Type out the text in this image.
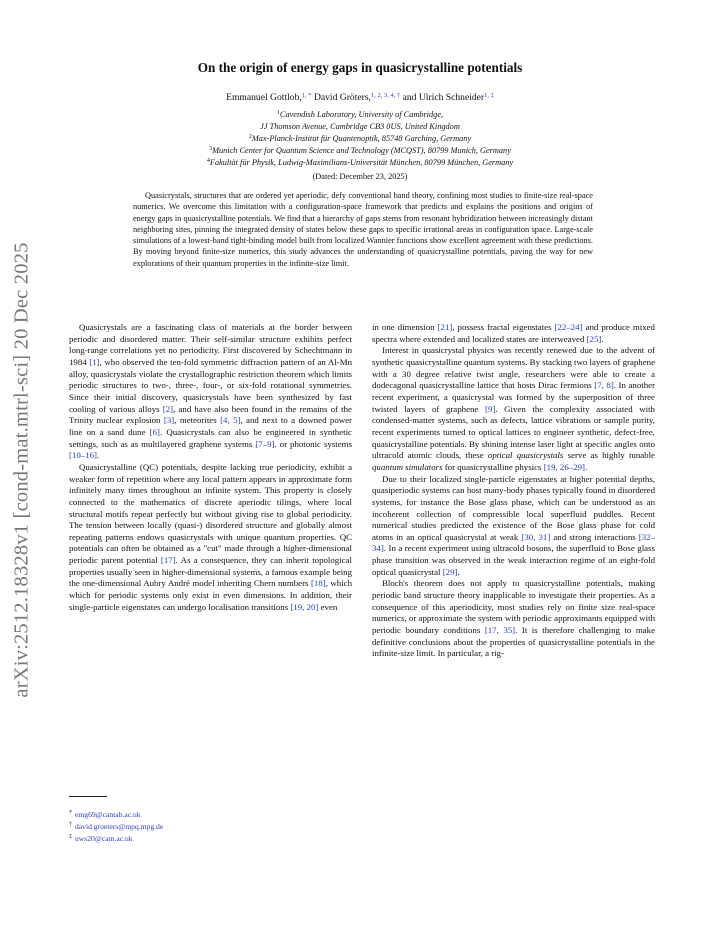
arXiv:2512.18328v1 [cond-mat.mtrl-sci] 20 Dec 2025
On the origin of energy gaps in quasicrystalline potentials
Emmanuel Gottlob,$^{1, *}$ David Gröters,$^{1, 2, 3, 4, \dagger}$ and Ulrich Schneider$^{1, \ddagger}$
$^1$Cavendish Laboratory, University of Cambridge,
JJ Thomson Avenue, Cambridge CB3 0US, United Kingdom
$^2$Max-Planck-Institut für Quantenoptik, 85748 Garching, Germany
$^3$Munich Center for Quantum Science and Technology (MCQST), 80799 Munich, Germany
$^4$Fakultät für Physik, Ludwig-Maximilians-Universität München, 80799 München, Germany
(Dated: December 23, 2025)
Quasicrystals, structures that are ordered yet aperiodic, defy conventional band theory, confining most studies to finite-size real-space numerics. We overcome this limitation with a configuration-space framework that predicts and explains the positions and origins of energy gaps in quasicrystalline potentials. We find that a hierarchy of gaps stems from resonant hybridization between increasingly distant neighboring sites, pinning the integrated density of states below these gaps to specific irrational areas in configuration space. Large-scale simulations of a lowest-band tight-binding model built from localized Wannier functions show excellent agreement with these predictions. By moving beyond finite-size numerics, this study advances the understanding of quasicrystalline potentials, paving the way for new explorations of their quantum properties in the infinite-size limit.

Quasicrystals are a fascinating class of materials at the border between periodic and disordered matter. Their self-similar structure exhibits perfect long-range correlations yet no periodicity. First discovered by Schechtmann in 1984 [1], who observed the ten-fold symmetric diffraction pattern of an Al-Mn alloy, quasicrystals violate the crystallographic restriction theorem which limits periodic structures to two-, three-, four-, or six-fold rotational symmetries. Since their initial discovery, quasicrystals have been synthesized by fast cooling of various alloys [2], and have also been found in the remains of the Trinity nuclear explosion [3], meteorites [4, 5], and next to a downed power line on a sand dune [6]. Quasicrystals can also be engineered in synthetic settings, such as as multilayered graphene systems [7–9]. or photonic systems [10–16].

Quasicrystalline (QC) potentials, despite lacking true periodicity, exhibit a weaker form of repetition where any local pattern appears in approximate form infinitely many times throughout an infinite system. This property is closely connected to the mathematics of discrete aperiodic tilings, where local structural motifs repeat perfectly but without giving rise to global periodicity. The tension between locally (quasi-) disordered structure and globally almost repeating patterns endows quasicrystals with unique quantum properties. QC potentials can often be obtained as a "cut" made through a higher-dimensional periodic parent potential [17]. As a consequence, they can inherit topological properties usually seen in higher-dimensional systems, a famous example being the one-dimensional Aubry André model inheriting Chern numbers [18], which which for periodic systems only exist in even dimensions. In addition, their single-particle eigenstates can undergo localisation transitions [19, 20] even

in one dimension [21], possess fractal eigenstates [22–24] and produce mixed spectra where extended and localized states are interweaved [25].

Interest in quasicrystal physics was recently renewed due to the advent of synthetic quasicrystalline quantum systems. By stacking two layers of graphene with a 30 degree relative twist angle, researchers were able to create a dodecagonal quasicrystalline lattice that hosts Dirac fermions [7, 8]. In another recent experiment, a quasicrystal was formed by the superposition of three twisted layers of graphene [9]. Given the complexity associated with condensed-matter systems, such as defects, lattice vibrations or sample purity, recent experiments turned to optical lattices to engineer synthetic, defect-free, quasicrystalline potentials. By shining intense laser light at specific angles onto ultracold atomic clouds, these optical quasicrystals serve as highly tunable quantum simulators for quasicrystalline physics [19, 26–29].

Due to their localized single-particle eigenstates at higher potential depths, quasiperiodic systems can host many-body phases typically found in disordered systems, for instance the Bose glass phase, which can be understood as an incoherent collection of compressible local superfluid puddles. Recent numerical studies predicted the existence of the Bose glass phase for cold atoms in an optical quasicrystal at weak [30, 31] and strong interactions [32–34]. In a recent experiment using ultracold bosons, the superfluid to Bose glass phase transition was observed in the weak interaction regime of an eight-fold optical quasicrystal [29].

Bloch's theorem does not apply to quasicrystalline potentials, making periodic band structure theory inapplicable to investigate their properties. As a consequence of this aperiodicity, most studies rely on finite size real-space numerics, or approximate the system with periodic approximants equipped with periodic boundary conditions [17, 35]. It is therefore challenging to make definitive conclusions about the properties of quasicrystalline potentials in the infinite-size limit. In particular, a rig-

* emg69@cantab.ac.uk
† david.groeters@mpq.mpg.de
‡ uws20@cam.ac.uk
